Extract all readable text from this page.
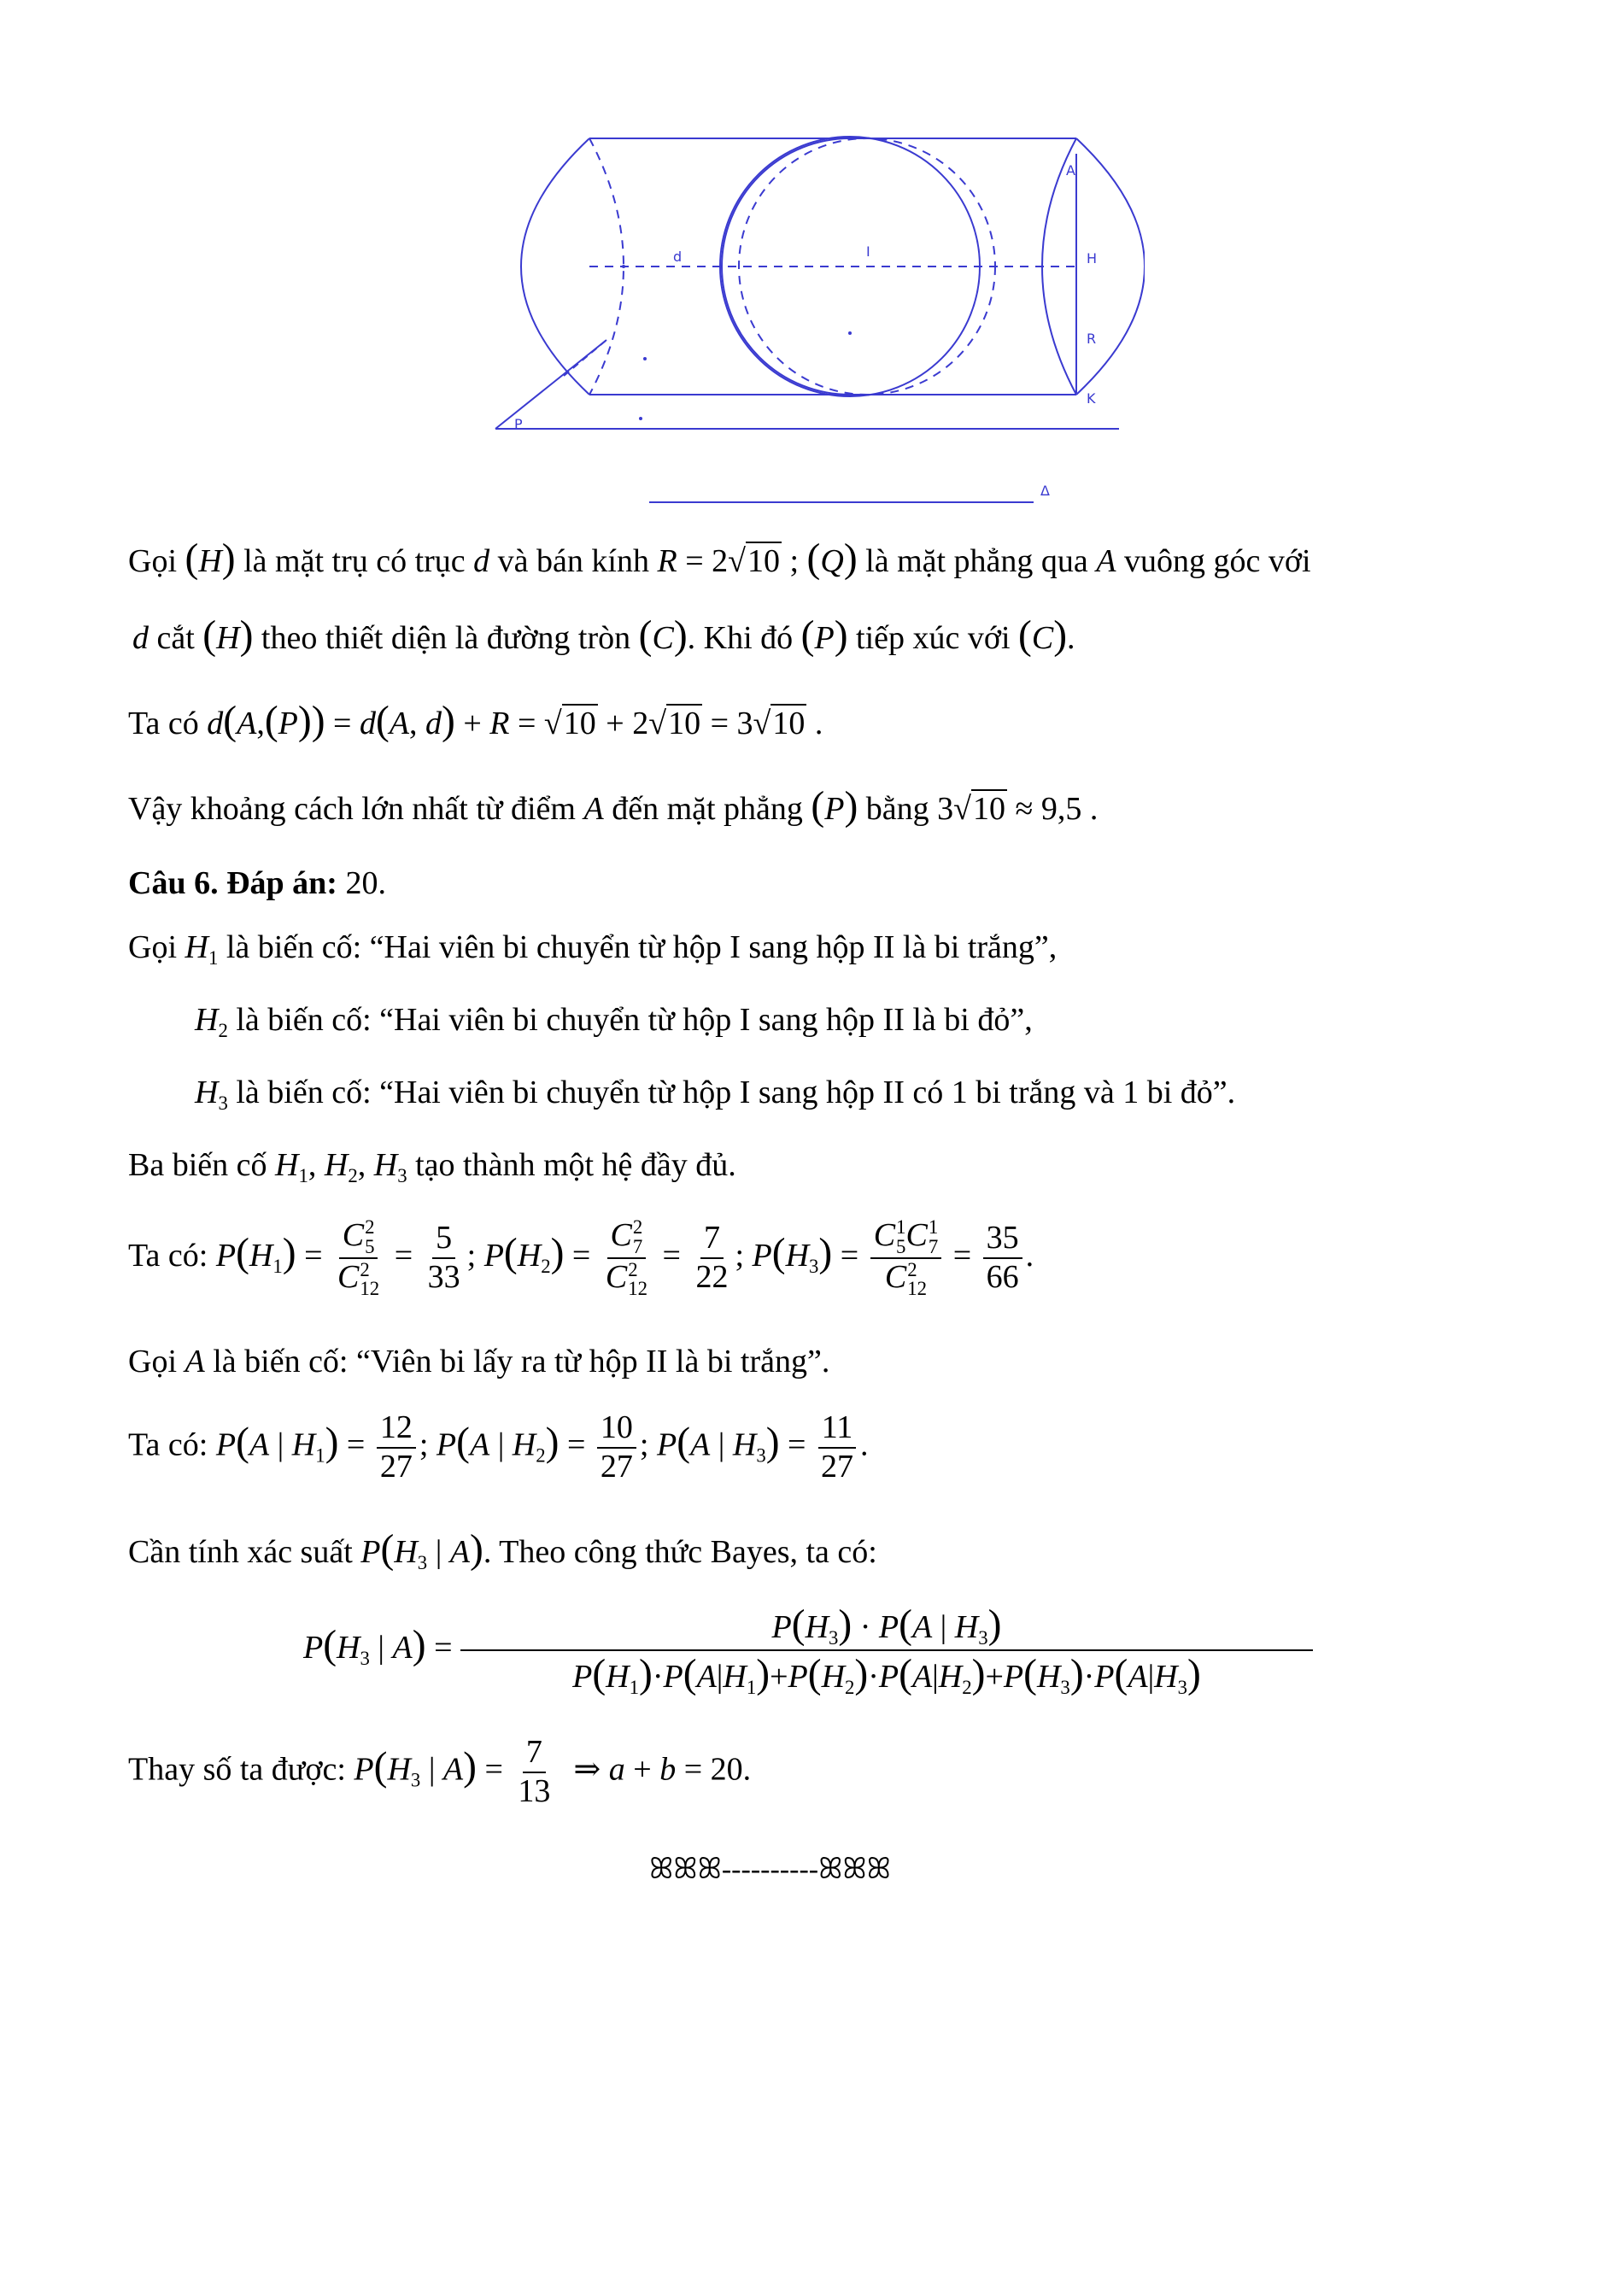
A
H
R
K
I
d
P
Δ
Gọi (H) là mặt trụ có trục d và bán kính R = 2√10 ; (Q) là mặt phẳng qua A vuông góc với
d cắt (H) theo thiết diện là đường tròn (C). Khi đó (P) tiếp xúc với (C).
Ta có d(A,(P)) = d(A, d) + R = √10 + 2√10 = 3√10 .
Vậy khoảng cách lớn nhất từ điểm A đến mặt phẳng (P) bằng 3√10 ≈ 9,5 .
Câu 6. Đáp án: 20.
Gọi $H_1$ là biến cố: “Hai viên bi chuyển từ hộp I sang hộp II là bi trắng”,
$H_2$ là biến cố: “Hai viên bi chuyển từ hộp I sang hộp II là bi đỏ”,
$H_3$ là biến cố: “Hai viên bi chuyển từ hộp I sang hộp II có 1 bi trắng và 1 bi đỏ”.
Ba biến cố $H_1$, $H_2$, $H_3$ tạo thành một hệ đầy đủ.
Ta có: $P(H_1) = C$ 2
5
C 2
$12 = \frac{5}{33}$ ; $P(H_2) = C$ 2
7
C 2
$12 = \frac{7}{22}$ ; $P(H_3) = C$ 1
5 C 1
7
C 2
$12 = \frac{35}{66}$ .
Gọi A là biến cố: “Viên bi lấy ra từ hộp II là bi trắng”.
Ta có: P(A | $H_1) = \frac{12}{27}$ ; P(A | $H_2) = \frac{10}{27}$ ; P(A | $H_3) = \frac{11}{27}$ .
Cần tính xác suất $P(H_3$ | A). Theo công thức Bayes, ta có:
$P(H_3$ | $A) = \frac{P(H_3) \cdot P(A | H_3)}{P(H_1)\cdot P(A|H_1)+P(H_2)\cdot P(A|H_2)+P(H_3)\cdot P(A|H_3)}$
Thay số ta được: $P(H_3$ | $A) = \frac{7}{13}$ ⇒ a + b = 20.
ꕤꕤꕤ----------ꕤꕤꕤ
